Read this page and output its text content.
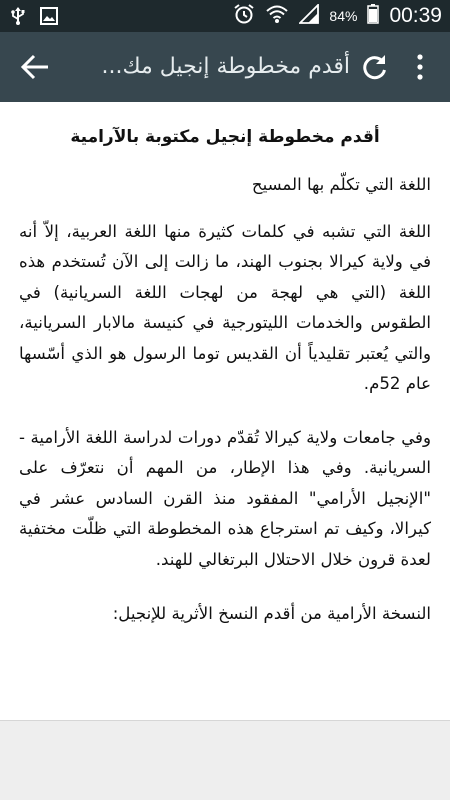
84% 00:39
أقدم مخطوطة إنجيل مك...
أقدم مخطوطة إنجيل مكتوبة بالآرامية

اللغة التي تكلّم بها المسيح

اللغة التي تشبه في كلمات كثيرة منها اللغة العربية، إلاّ أنه في ولاية كيرالا بجنوب الهند، ما زالت إلى الآن تُستخدم هذه اللغة (التي هي لهجة من لهجات اللغة السريانية) في الطقوس والخدمات الليتورجية في كنيسة مالابار السريانية، والتي يُعتبر تقليدياً أن القديس توما الرسول هو الذي أسّسها عام 52م.

وفي جامعات ولاية كيرالا تُقدّم دورات لدراسة اللغة الأرامية - السريانية. وفي هذا الإطار، من المهم أن نتعرّف على "الإنجيل الأرامي" المفقود منذ القرن السادس عشر في كيرالا، وكيف تم استرجاع هذه المخطوطة التي ظلّت مختفية لعدة قرون خلال الاحتلال البرتغالي للهند.

النسخة الأرامية من أقدم النسخ الأثرية للإنجيل:
